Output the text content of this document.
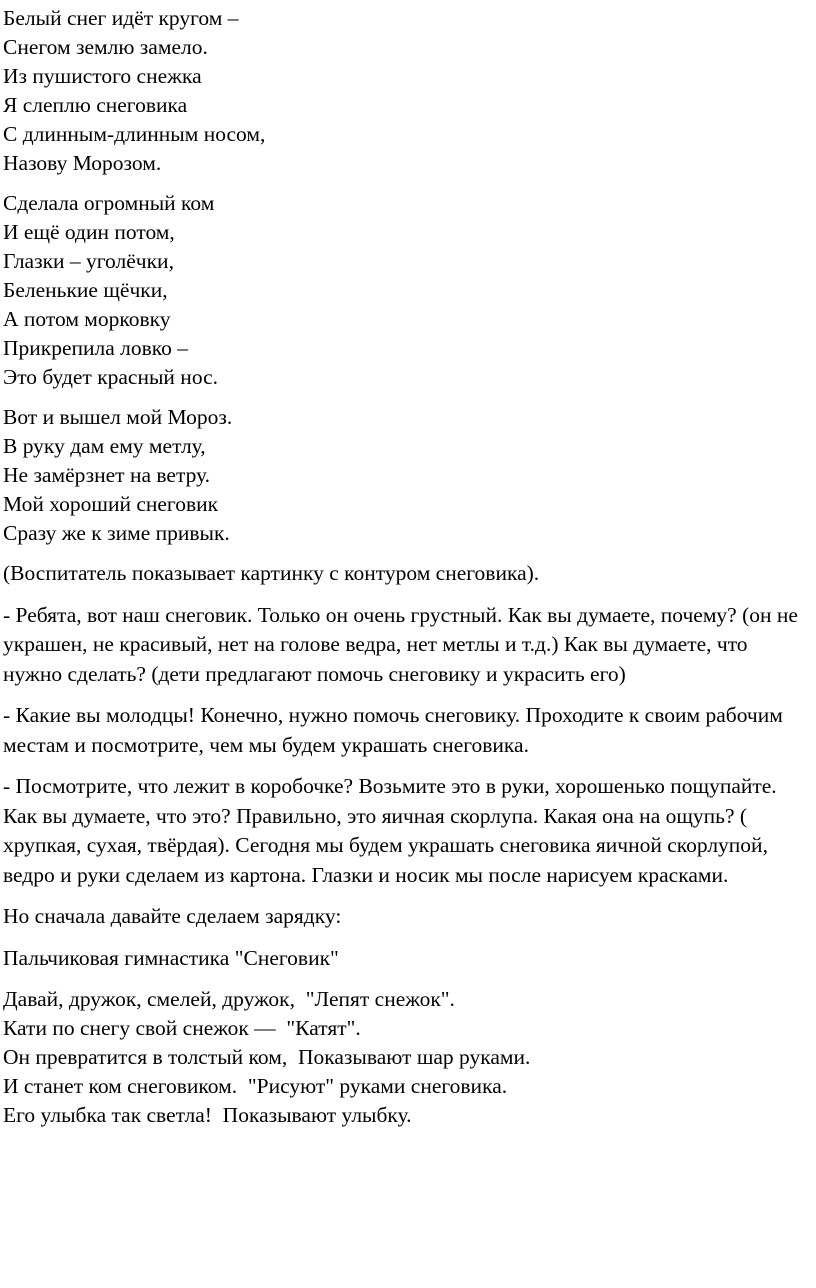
Белый снег идёт кругом –
Снегом землю замело.
Из пушистого снежка
Я слеплю снеговика
С длинным-длинным носом,
Назову Морозом.
Сделала огромный ком
И ещё один потом,
Глазки – уголёчки,
Беленькие щёчки,
А потом морковку
Прикрепила ловко –
Это будет красный нос.
Вот и вышел мой Мороз.
В руку дам ему метлу,
Не замёрзнет на ветру.
Мой хороший снеговик
Сразу же к зиме привык.

(Воспитатель показывает картинку с контуром снеговика).

- Ребята, вот наш снеговик. Только он очень грустный. Как вы думаете, почему? (он не украшен, не красивый, нет на голове ведра, нет метлы и т.д.) Как вы думаете, что нужно сделать? (дети предлагают помочь снеговику и украсить его)

- Какие вы молодцы! Конечно, нужно помочь снеговику. Проходите к своим рабочим местам и посмотрите, чем мы будем украшать снеговика.

- Посмотрите, что лежит в коробочке? Возьмите это в руки, хорошенько пощупайте. Как вы думаете, что это? Правильно, это яичная скорлупа. Какая она на ощупь? ( хрупкая, сухая, твёрдая). Сегодня мы будем украшать снеговика яичной скорлупой, ведро и руки сделаем из картона. Глазки и носик мы после нарисуем красками.

Но сначала давайте сделаем зарядку:

Пальчиковая гимнастика "Снеговик"

Давай, дружок, смелей, дружок,  "Лепят снежок".
Кати по снегу свой снежок —  "Катят".
Он превратится в толстый ком,  Показывают шар руками.
И станет ком снеговиком.  "Рисуют" руками снеговика.
Его улыбка так светла!  Показывают улыбку.
